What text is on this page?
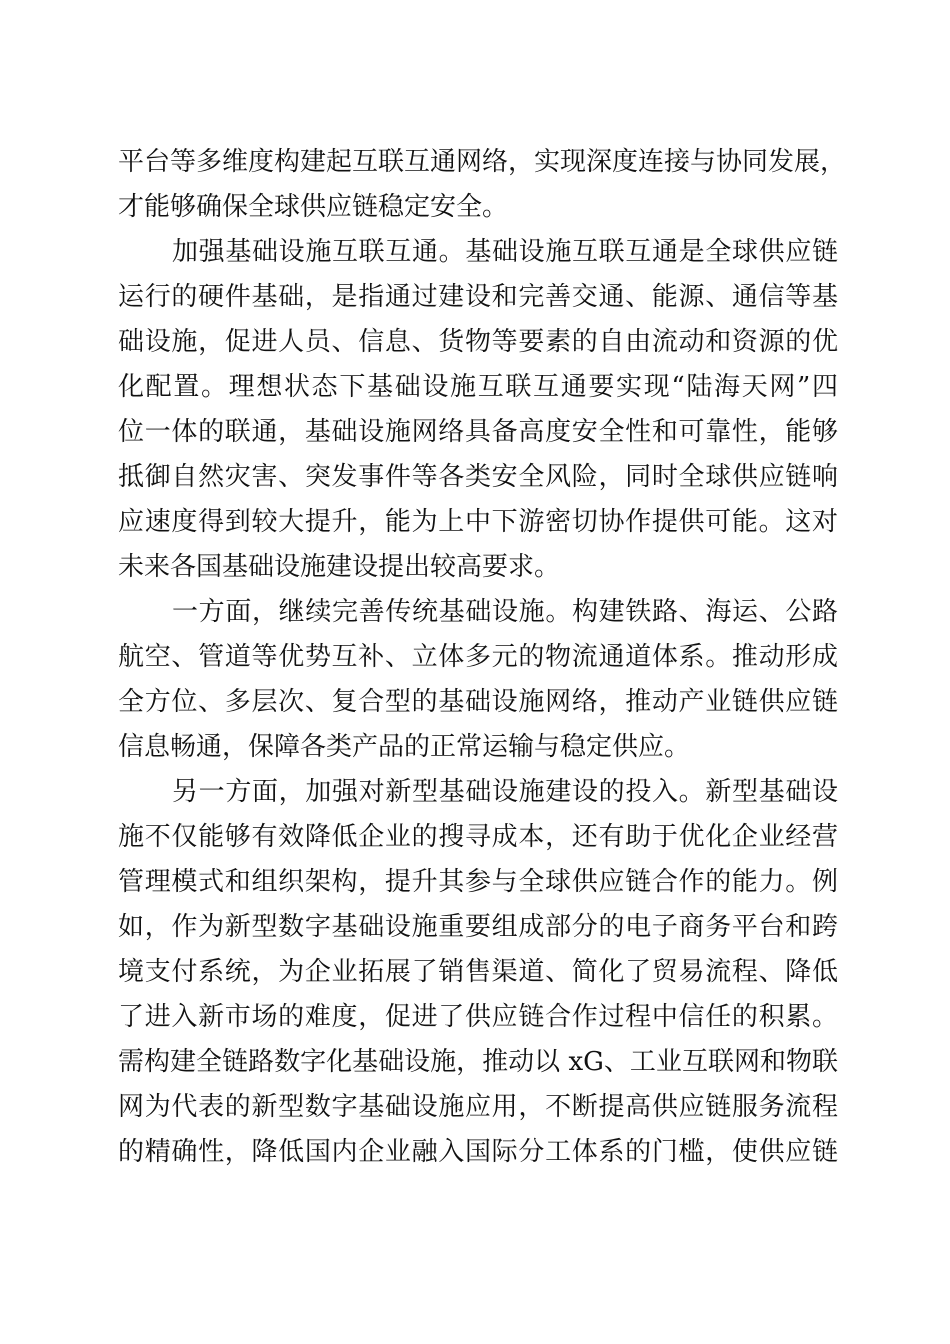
平台等多维度构建起互联互通网络，实现深度连接与协同发展，
才能够确保全球供应链稳定安全。
加强基础设施互联互通。基础设施互联互通是全球供应链
运行的硬件基础，是指通过建设和完善交通、能源、通信等基
础设施，促进人员、信息、货物等要素的自由流动和资源的优
化配置。理想状态下基础设施互联互通要实现“陆海天网”四
位一体的联通，基础设施网络具备高度安全性和可靠性，能够
抵御自然灾害、突发事件等各类安全风险，同时全球供应链响
应速度得到较大提升，能为上中下游密切协作提供可能。这对
未来各国基础设施建设提出较高要求。
一方面，继续完善传统基础设施。构建铁路、海运、公路
航空、管道等优势互补、立体多元的物流通道体系。推动形成
全方位、多层次、复合型的基础设施网络，推动产业链供应链
信息畅通，保障各类产品的正常运输与稳定供应。
另一方面，加强对新型基础设施建设的投入。新型基础设
施不仅能够有效降低企业的搜寻成本，还有助于优化企业经营
管理模式和组织架构，提升其参与全球供应链合作的能力。例
如，作为新型数字基础设施重要组成部分的电子商务平台和跨
境支付系统，为企业拓展了销售渠道、简化了贸易流程、降低
了进入新市场的难度，促进了供应链合作过程中信任的积累。
需构建全链路数字化基础设施，推动以 xG、工业互联网和物联
网为代表的新型数字基础设施应用，不断提高供应链服务流程
的精确性，降低国内企业融入国际分工体系的门槛，使供应链
